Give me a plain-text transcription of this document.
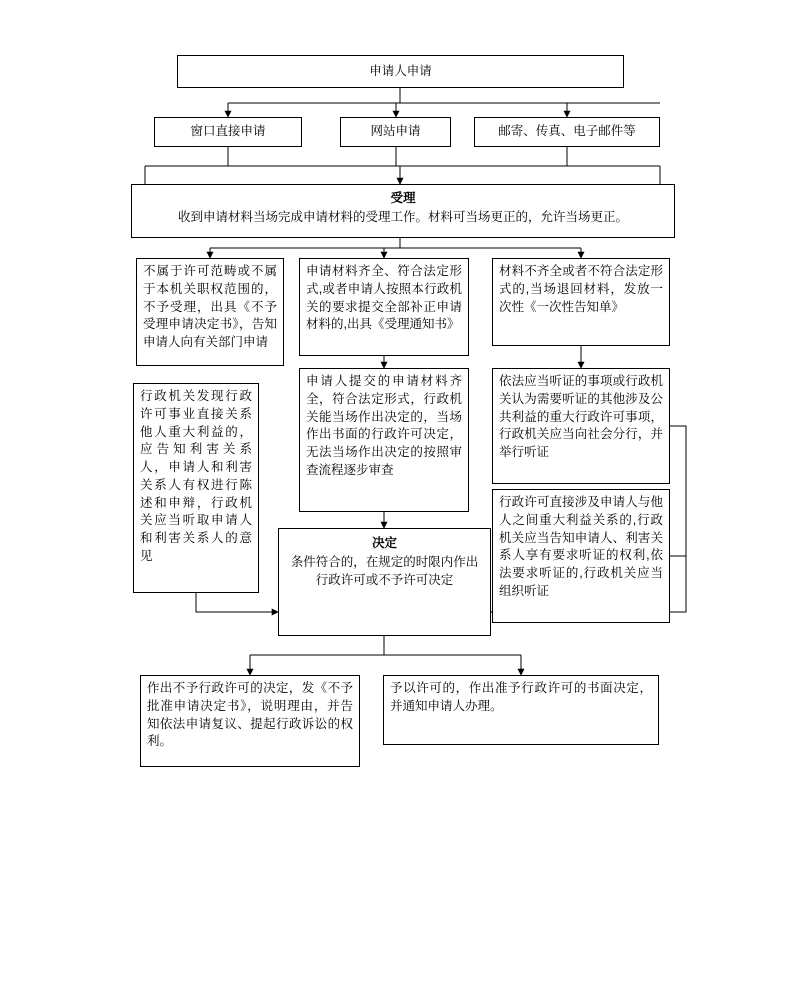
申请人申请
窗口直接申请	网站申请	邮寄、传真、电子邮件等
受理
收到申请材料当场完成申请材料的受理工作。材料可当场更正的，允许当场更正。
不属于许可范畴或不属于本机关职权范围的，不予受理，出具《不予受理申请决定书》，告知申请人向有关部门申请
申请材料齐全、符合法定形式,或者申请人按照本行政机关的要求提交全部补正申请材料的,出具《受理通知书》
材料不齐全或者不符合法定形式的,当场退回材料，发放一次性《一次性告知单》
行政机关发现行政许可事业直接关系他人重大利益的，应告知利害关系人，申请人和利害关系人有权进行陈述和申辩，行政机关应当听取申请人和利害关系人的意见
申请人提交的申请材料齐全，符合法定形式，行政机关能当场作出决定的，当场作出书面的行政许可决定，无法当场作出决定的按照审查流程逐步审查
依法应当听证的事项或行政机关认为需要听证的其他涉及公共利益的重大行政许可事项，行政机关应当向社会分行，并举行听证
行政许可直接涉及申请人与他人之间重大利益关系的,行政机关应当告知申请人、利害关系人享有要求听证的权利,依法要求听证的,行政机关应当组织听证
决定
条件符合的，在规定的时限内作出行政许可或不予许可决定
作出不予行政许可的决定，发《不予批准申请决定书》，说明理由，并告知依法申请复议、提起行政诉讼的权利。
予以许可的，作出准予行政许可的书面决定，并通知申请人办理。
